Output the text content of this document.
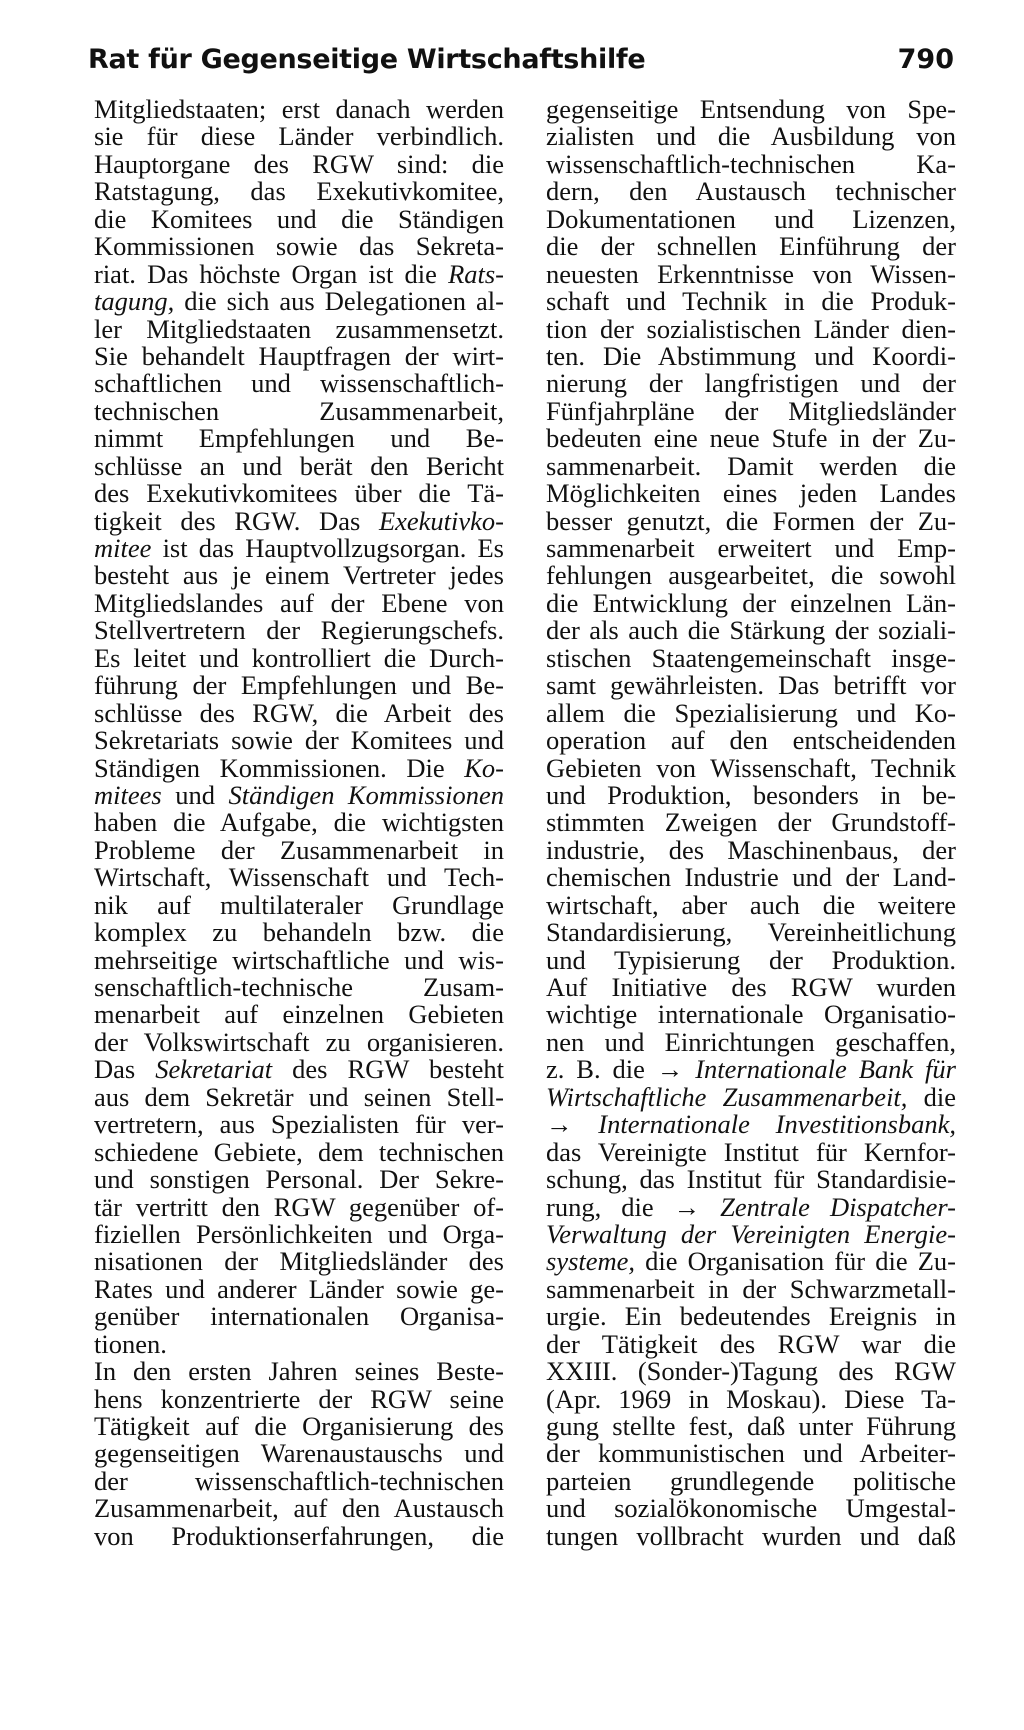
Rat für Gegenseitige Wirtschaftshilfe	790
Mitgliedstaaten; erst danach werden
sie für diese Länder verbindlich.
Hauptorgane des RGW sind: die
Ratstagung, das Exekutivkomitee,
die Komitees und die Ständigen
Kommissionen sowie das Sekreta-
riat. Das höchste Organ ist die Rats-
tagung, die sich aus Delegationen al-
ler Mitgliedstaaten zusammensetzt.
Sie behandelt Hauptfragen der wirt-
schaftlichen und wissenschaftlich-
technischen Zusammenarbeit,
nimmt Empfehlungen und Be-
schlüsse an und berät den Bericht
des Exekutivkomitees über die Tä-
tigkeit des RGW. Das Exekutivko-
mitee ist das Hauptvollzugsorgan. Es
besteht aus je einem Vertreter jedes
Mitgliedslandes auf der Ebene von
Stellvertretern der Regierungschefs.
Es leitet und kontrolliert die Durch-
führung der Empfehlungen und Be-
schlüsse des RGW, die Arbeit des
Sekretariats sowie der Komitees und
Ständigen Kommissionen. Die Ko-
mitees und Ständigen Kommissionen
haben die Aufgabe, die wichtigsten
Probleme der Zusammenarbeit in
Wirtschaft, Wissenschaft und Tech-
nik auf multilateraler Grundlage
komplex zu behandeln bzw. die
mehrseitige wirtschaftliche und wis-
senschaftlich-technische Zusam-
menarbeit auf einzelnen Gebieten
der Volkswirtschaft zu organisieren.
Das Sekretariat des RGW besteht
aus dem Sekretär und seinen Stell-
vertretern, aus Spezialisten für ver-
schiedene Gebiete, dem technischen
und sonstigen Personal. Der Sekre-
tär vertritt den RGW gegenüber of-
fiziellen Persönlichkeiten und Orga-
nisationen der Mitgliedsländer des
Rates und anderer Länder sowie ge-
genüber internationalen Organisa-
tionen.
In den ersten Jahren seines Beste-
hens konzentrierte der RGW seine
Tätigkeit auf die Organisierung des
gegenseitigen Warenaustauschs und
der wissenschaftlich-technischen
Zusammenarbeit, auf den Austausch
von Produktionserfahrungen, die
gegenseitige Entsendung von Spe-
zialisten und die Ausbildung von
wissenschaftlich-technischen Ka-
dern, den Austausch technischer
Dokumentationen und Lizenzen,
die der schnellen Einführung der
neuesten Erkenntnisse von Wissen-
schaft und Technik in die Produk-
tion der sozialistischen Länder dien-
ten. Die Abstimmung und Koordi-
nierung der langfristigen und der
Fünfjahrpläne der Mitgliedsländer
bedeuten eine neue Stufe in der Zu-
sammenarbeit. Damit werden die
Möglichkeiten eines jeden Landes
besser genutzt, die Formen der Zu-
sammenarbeit erweitert und Emp-
fehlungen ausgearbeitet, die sowohl
die Entwicklung der einzelnen Län-
der als auch die Stärkung der soziali-
stischen Staatengemeinschaft insge-
samt gewährleisten. Das betrifft vor
allem die Spezialisierung und Ko-
operation auf den entscheidenden
Gebieten von Wissenschaft, Technik
und Produktion, besonders in be-
stimmten Zweigen der Grundstoff-
industrie, des Maschinenbaus, der
chemischen Industrie und der Land-
wirtschaft, aber auch die weitere
Standardisierung, Vereinheitlichung
und Typisierung der Produktion.
Auf Initiative des RGW wurden
wichtige internationale Organisatio-
nen und Einrichtungen geschaffen,
z. B. die → Internationale Bank für
Wirtschaftliche Zusammenarbeit, die
→ Internationale Investitionsbank,
das Vereinigte Institut für Kernfor-
schung, das Institut für Standardisie-
rung, die → Zentrale Dispatcher-
Verwaltung der Vereinigten Energie-
systeme, die Organisation für die Zu-
sammenarbeit in der Schwarzmetall-
urgie. Ein bedeutendes Ereignis in
der Tätigkeit des RGW war die
XXIII. (Sonder-)Tagung des RGW
(Apr. 1969 in Moskau). Diese Ta-
gung stellte fest, daß unter Führung
der kommunistischen und Arbeiter-
parteien grundlegende politische
und sozialökonomische Umgestal-
tungen vollbracht wurden und daß
